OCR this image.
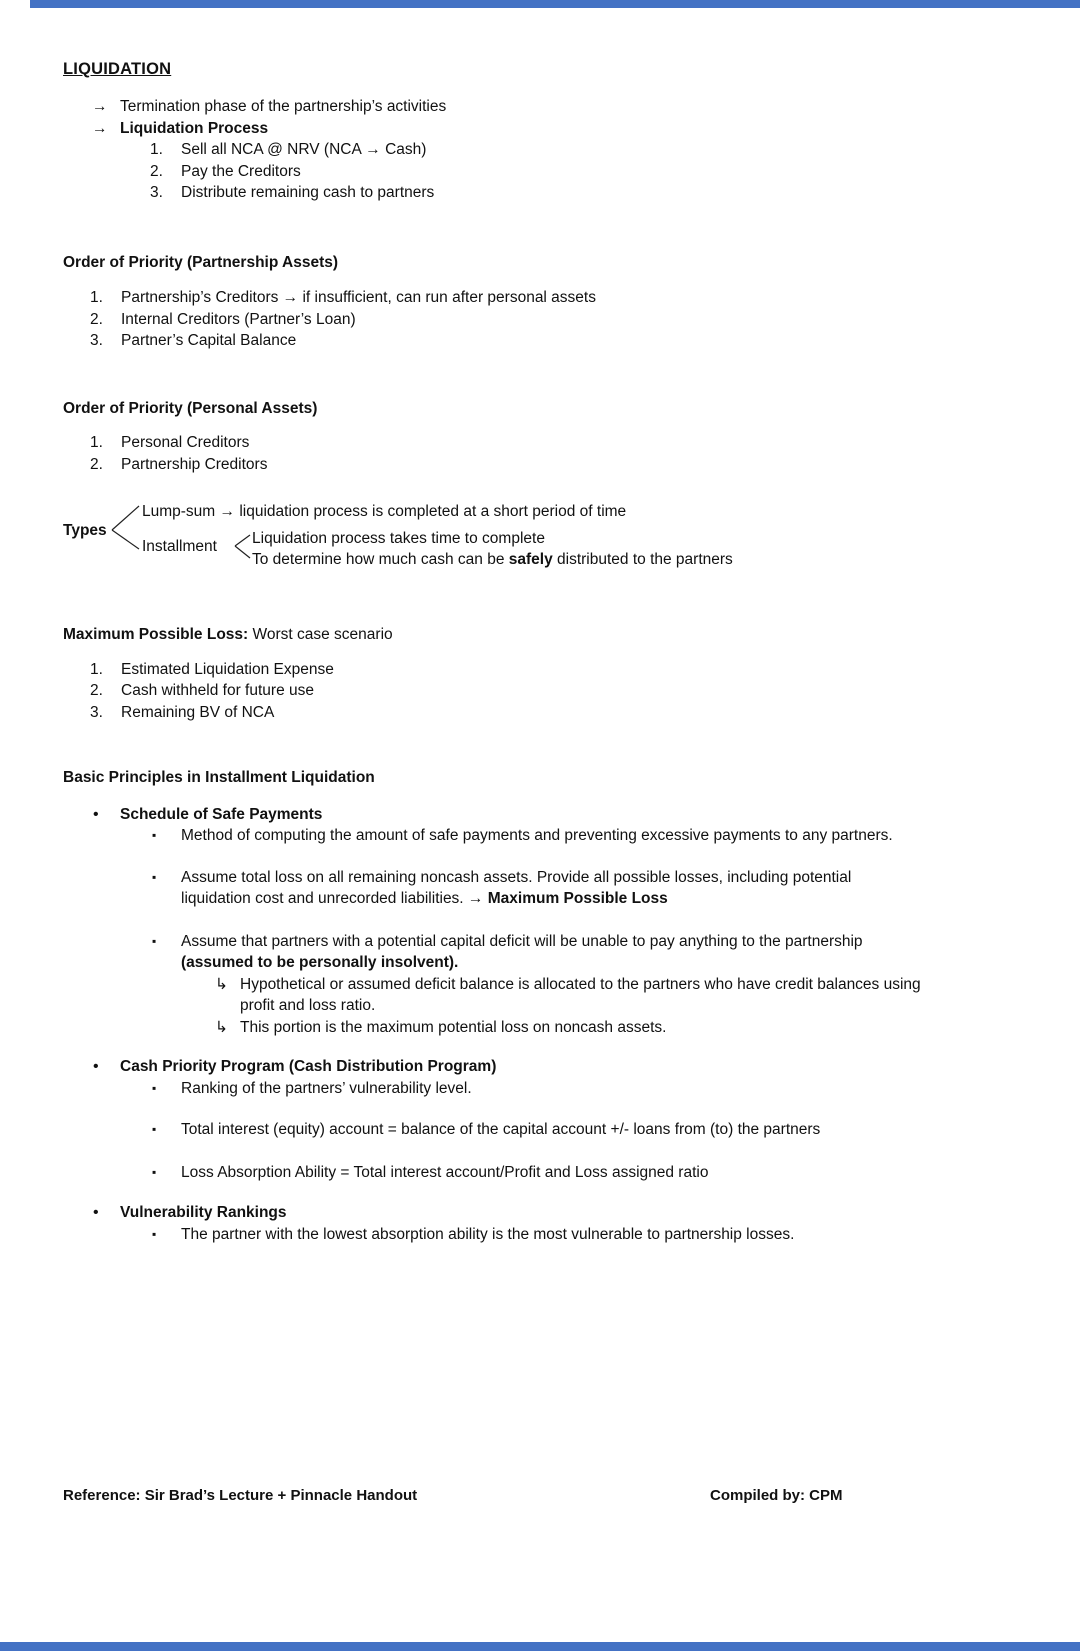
LIQUIDATION
→ Termination phase of the partnership’s activities
→ Liquidation Process
1.	Sell all NCA @ NRV (NCA → Cash)
2.	Pay the Creditors
3.	Distribute remaining cash to partners
Order of Priority (Partnership Assets)
1.	Partnership’s Creditors → if insufficient, can run after personal assets
2.	Internal Creditors (Partner’s Loan)
3.	Partner’s Capital Balance
Order of Priority (Personal Assets)
1.	Personal Creditors
2.	Partnership Creditors
Lump-sum → liquidation process is completed at a short period of time
Types
Installment Liquidation process takes time to complete
To determine how much cash can be safely distributed to the partners
Maximum Possible Loss: Worst case scenario
1.	Estimated Liquidation Expense
2.	Cash withheld for future use
3.	Remaining BV of NCA
Basic Principles in Installment Liquidation
•	Schedule of Safe Payments
▪	Method of computing the amount of safe payments and preventing excessive payments to any partners.
▪	Assume total loss on all remaining noncash assets. Provide all possible losses, including potential liquidation cost and unrecorded liabilities. → Maximum Possible Loss
▪	Assume that partners with a potential capital deficit will be unable to pay anything to the partnership (assumed to be personally insolvent).
↳ Hypothetical or assumed deficit balance is allocated to the partners who have credit balances using profit and loss ratio.
↳ This portion is the maximum potential loss on noncash assets.
•	Cash Priority Program (Cash Distribution Program)
▪	Ranking of the partners’ vulnerability level.
▪	Total interest (equity) account = balance of the capital account +/- loans from (to) the partners
▪	Loss Absorption Ability = Total interest account/Profit and Loss assigned ratio
•	Vulnerability Rankings
▪	The partner with the lowest absorption ability is the most vulnerable to partnership losses.
Reference: Sir Brad’s Lecture + Pinnacle Handout	Compiled by: CPM
